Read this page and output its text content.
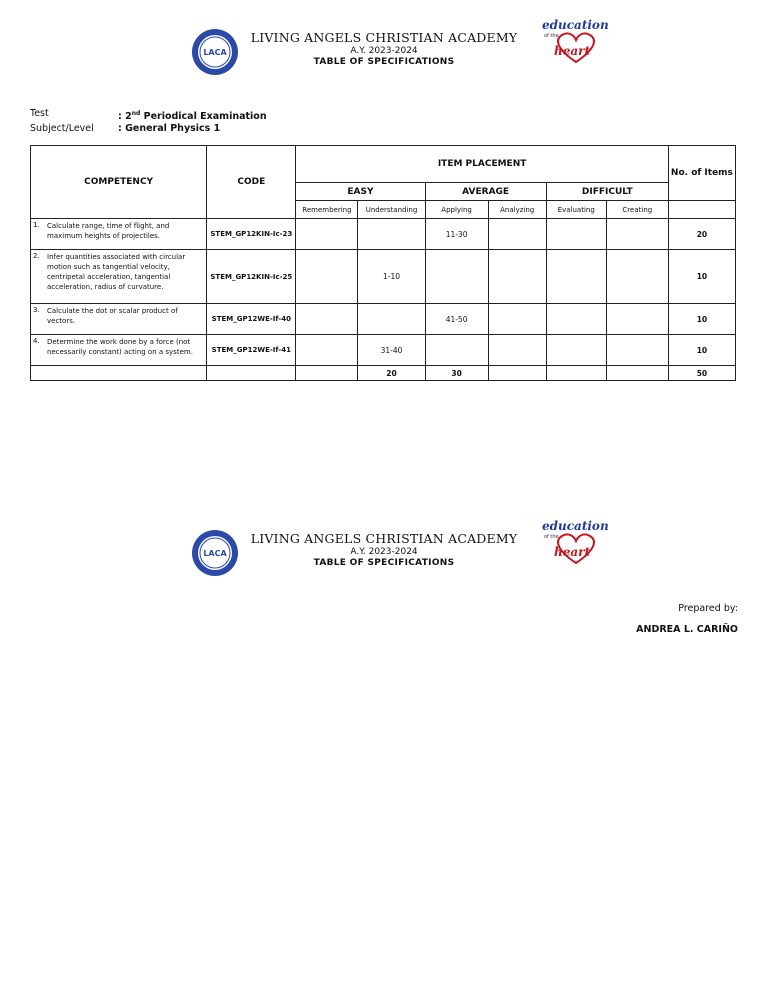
LACA
LIVING ANGELS CHRISTIAN ACADEMY
A.Y. 2023-2024
TABLE OF SPECIFICATIONS
education
of the
heart
Test	: 2nd Periodical Examination
Subject/Level	: General Physics 1
COMPETENCY	CODE	ITEM PLACEMENT						No. of Items
		EASY		AVERAGE		DIFFICULT		
		Remembering	Understanding	Applying	Analyzing	Evaluating	Creating	
1. Calculate range, time of flight, and maximum heights of projectiles.	STEM_GP12KIN-Ic-23			11-30				20
2. Infer quantities associated with circular motion such as tangential velocity, centripetal acceleration, tangential acceleration, radius of curvature.	STEM_GP12KIN-Ic-25		1-10					10
3. Calculate the dot or scalar product of vectors.	STEM_GP12WE-If-40			41-50				10
4. Determine the work done by a force (not necessarily constant) acting on a system.	STEM_GP12WE-If-41		31-40					10
			20	30				50
LACA
LIVING ANGELS CHRISTIAN ACADEMY
A.Y. 2023-2024
TABLE OF SPECIFICATIONS
education
of the
heart
Prepared by:
ANDREA L. CARIÑO
